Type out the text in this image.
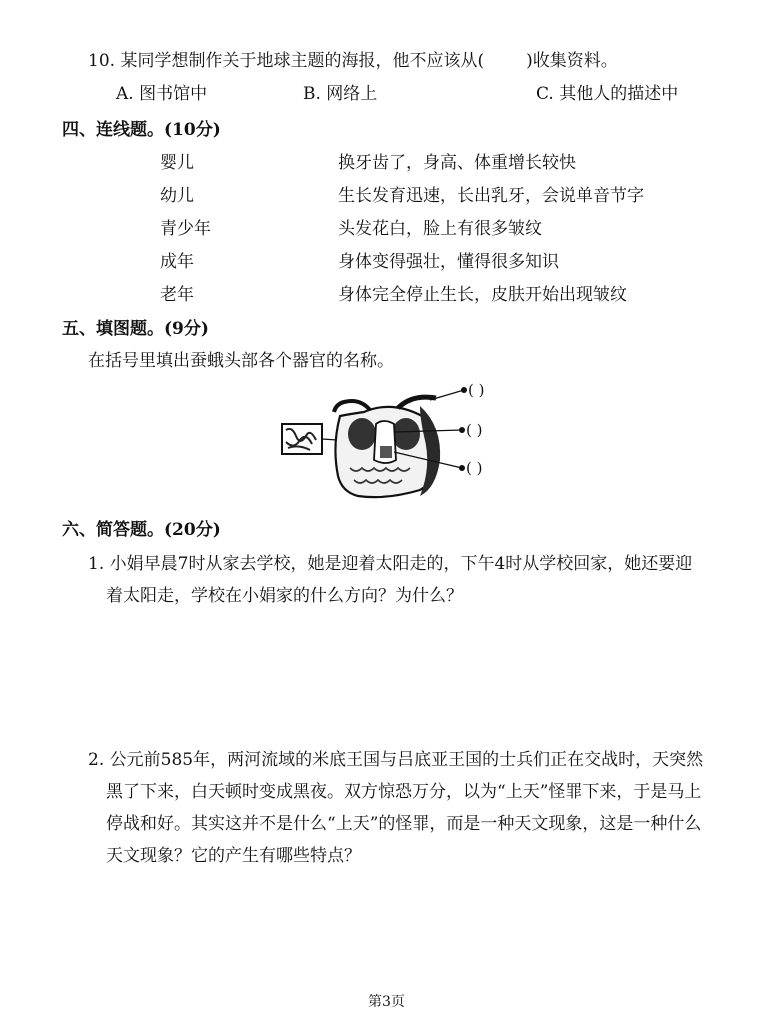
10. 某同学想制作关于地球主题的海报，他不应该从( )收集资料。
A. 图书馆中	B. 网络上	C. 其他人的描述中
四、连线题。(10分)
婴儿
幼儿
青少年
成年
老年
换牙齿了，身高、体重增长较快
生长发育迅速，长出乳牙，会说单音节字
头发花白，脸上有很多皱纹
身体变得强壮，懂得很多知识
身体完全停止生长，皮肤开始出现皱纹
五、填图题。(9分)
在括号里填出蚕蛾头部各个器官的名称。
( )
( )
( )
六、简答题。(20分)
1. 小娟早晨7时从家去学校，她是迎着太阳走的，下午4时从学校回家，她还要迎
着太阳走，学校在小娟家的什么方向？为什么？
2. 公元前585年，两河流域的米底王国与吕底亚王国的士兵们正在交战时，天突然
黑了下来，白天顿时变成黑夜。双方惊恐万分，以为“上天”怪罪下来，于是马上
停战和好。其实这并不是什么“上天”的怪罪，而是一种天文现象，这是一种什么
天文现象？它的产生有哪些特点？
第3页
